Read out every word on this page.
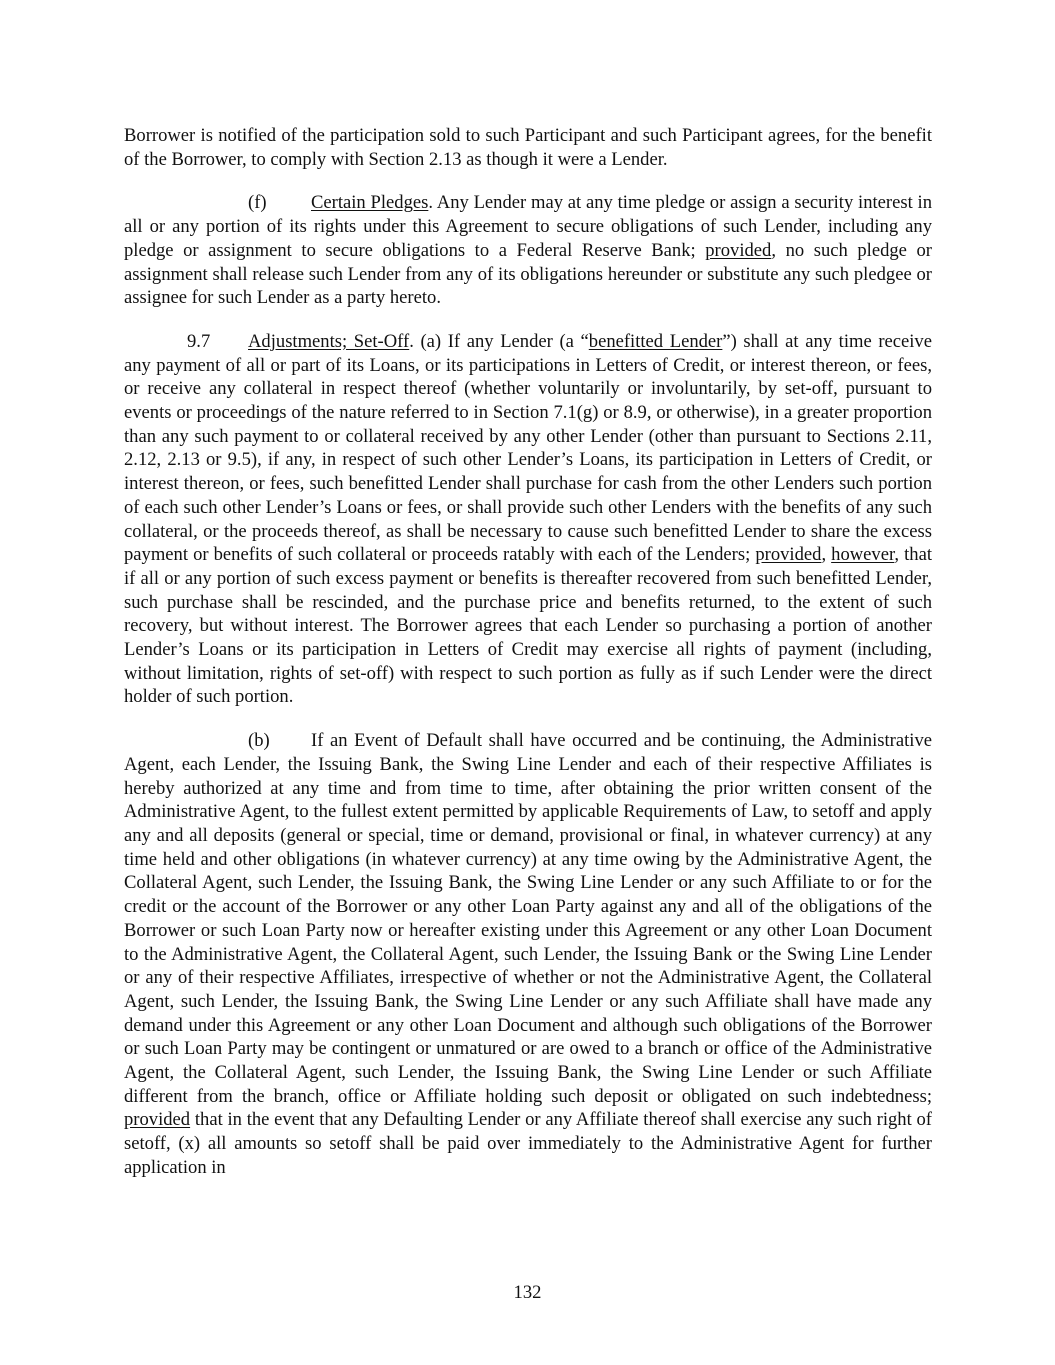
Borrower is notified of the participation sold to such Participant and such Participant agrees, for the benefit of the Borrower, to comply with Section 2.13 as though it were a Lender.

(f) Certain Pledges. Any Lender may at any time pledge or assign a security interest in all or any portion of its rights under this Agreement to secure obligations of such Lender, including any pledge or assignment to secure obligations to a Federal Reserve Bank; provided, no such pledge or assignment shall release such Lender from any of its obligations hereunder or substitute any such pledgee or assignee for such Lender as a party hereto.

9.7 Adjustments; Set-Off. (a) If any Lender (a “benefitted Lender”) shall at any time receive any payment of all or part of its Loans, or its participations in Letters of Credit, or interest thereon, or fees, or receive any collateral in respect thereof (whether voluntarily or involuntarily, by set-off, pursuant to events or proceedings of the nature referred to in Section 7.1(g) or 8.9, or otherwise), in a greater proportion than any such payment to or collateral received by any other Lender (other than pursuant to Sections 2.11, 2.12, 2.13 or 9.5), if any, in respect of such other Lender’s Loans, its participation in Letters of Credit, or interest thereon, or fees, such benefitted Lender shall purchase for cash from the other Lenders such portion of each such other Lender’s Loans or fees, or shall provide such other Lenders with the benefits of any such collateral, or the proceeds thereof, as shall be necessary to cause such benefitted Lender to share the excess payment or benefits of such collateral or proceeds ratably with each of the Lenders; provided, however, that if all or any portion of such excess payment or benefits is thereafter recovered from such benefitted Lender, such purchase shall be rescinded, and the purchase price and benefits returned, to the extent of such recovery, but without interest. The Borrower agrees that each Lender so purchasing a portion of another Lender’s Loans or its participation in Letters of Credit may exercise all rights of payment (including, without limitation, rights of set-off) with respect to such portion as fully as if such Lender were the direct holder of such portion.

(b) If an Event of Default shall have occurred and be continuing, the Administrative Agent, each Lender, the Issuing Bank, the Swing Line Lender and each of their respective Affiliates is hereby authorized at any time and from time to time, after obtaining the prior written consent of the Administrative Agent, to the fullest extent permitted by applicable Requirements of Law, to setoff and apply any and all deposits (general or special, time or demand, provisional or final, in whatever currency) at any time held and other obligations (in whatever currency) at any time owing by the Administrative Agent, the Collateral Agent, such Lender, the Issuing Bank, the Swing Line Lender or any such Affiliate to or for the credit or the account of the Borrower or any other Loan Party against any and all of the obligations of the Borrower or such Loan Party now or hereafter existing under this Agreement or any other Loan Document to the Administrative Agent, the Collateral Agent, such Lender, the Issuing Bank or the Swing Line Lender or any of their respective Affiliates, irrespective of whether or not the Administrative Agent, the Collateral Agent, such Lender, the Issuing Bank, the Swing Line Lender or any such Affiliate shall have made any demand under this Agreement or any other Loan Document and although such obligations of the Borrower or such Loan Party may be contingent or unmatured or are owed to a branch or office of the Administrative Agent, the Collateral Agent, such Lender, the Issuing Bank, the Swing Line Lender or such Affiliate different from the branch, office or Affiliate holding such deposit or obligated on such indebtedness; provided that in the event that any Defaulting Lender or any Affiliate thereof shall exercise any such right of setoff, (x) all amounts so setoff shall be paid over immediately to the Administrative Agent for further application in

132
